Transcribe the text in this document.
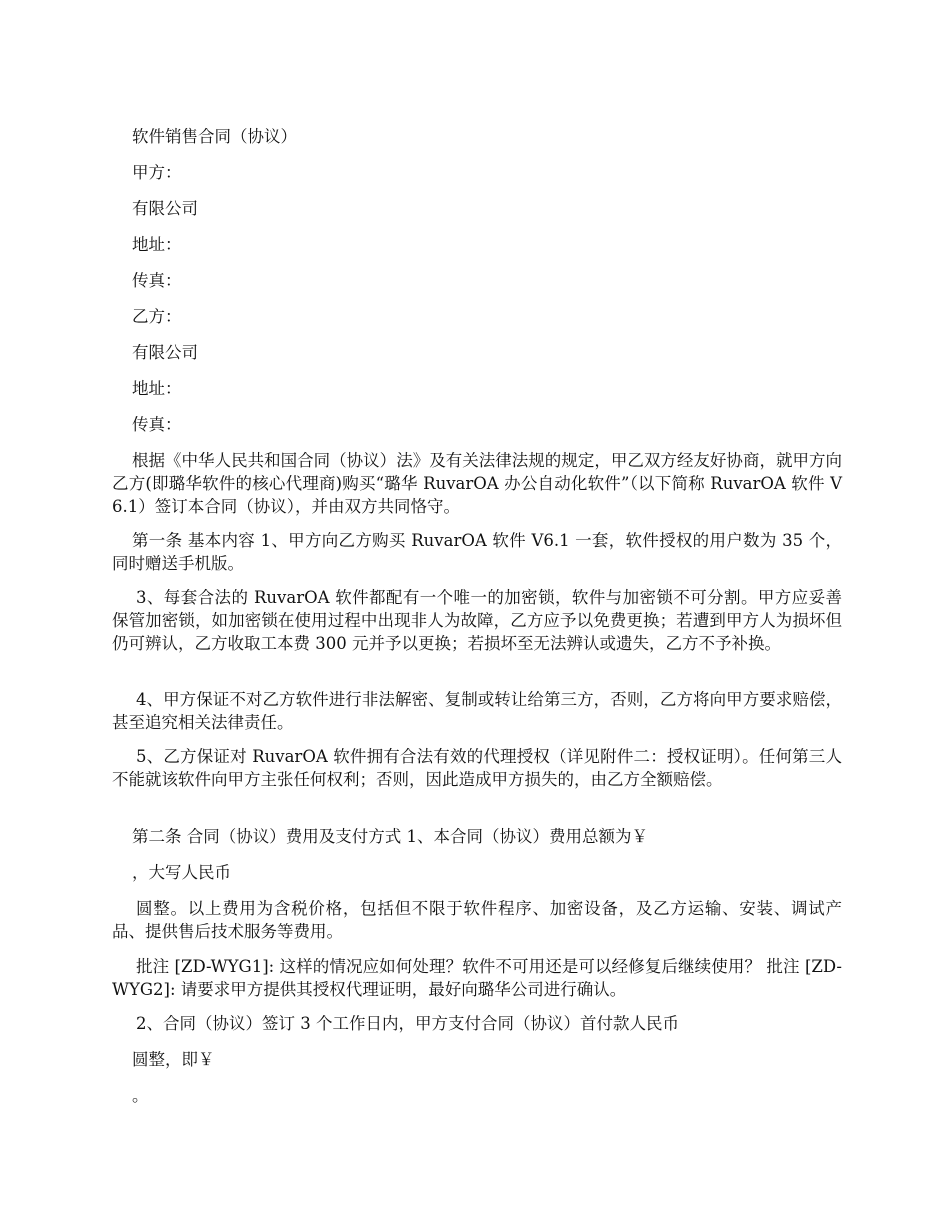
软件销售合同（协议）

甲方：

有限公司

地址：

传真：

乙方：

有限公司

地址：

传真：

根据《中华人民共和国合同（协议）法》及有关法律法规的规定，甲乙双方经友好协商，就甲方向乙方(即璐华软件的核心代理商)购买“璐华 RuvarOA 办公自动化软件”（以下简称 RuvarOA 软件 V6.1）签订本合同（协议），并由双方共同恪守。

第一条 基本内容 1、甲方向乙方购买 RuvarOA 软件 V6.1 一套，软件授权的用户数为 35 个，同时赠送手机版。

3、每套合法的 RuvarOA 软件都配有一个唯一的加密锁，软件与加密锁不可分割。甲方应妥善保管加密锁，如加密锁在使用过程中出现非人为故障，乙方应予以免费更换；若遭到甲方人为损坏但仍可辨认，乙方收取工本费 300 元并予以更换；若损坏至无法辨认或遗失，乙方不予补换。

4、甲方保证不对乙方软件进行非法解密、复制或转让给第三方，否则，乙方将向甲方要求赔偿，甚至追究相关法律责任。

5、乙方保证对 RuvarOA 软件拥有合法有效的代理授权（详见附件二：授权证明）。任何第三人不能就该软件向甲方主张任何权利；否则，因此造成甲方损失的，由乙方全额赔偿。

第二条 合同（协议）费用及支付方式 1、本合同（协议）费用总额为￥

，大写人民币

圆整。以上费用为含税价格，包括但不限于软件程序、加密设备，及乙方运输、安装、调试产品、提供售后技术服务等费用。

批注 [ZD-WYG1]: 这样的情况应如何处理？软件不可用还是可以经修复后继续使用？ 批注 [ZD-WYG2]: 请要求甲方提供其授权代理证明，最好向璐华公司进行确认。

2、合同（协议）签订 3 个工作日内，甲方支付合同（协议）首付款人民币

圆整，即￥

。
